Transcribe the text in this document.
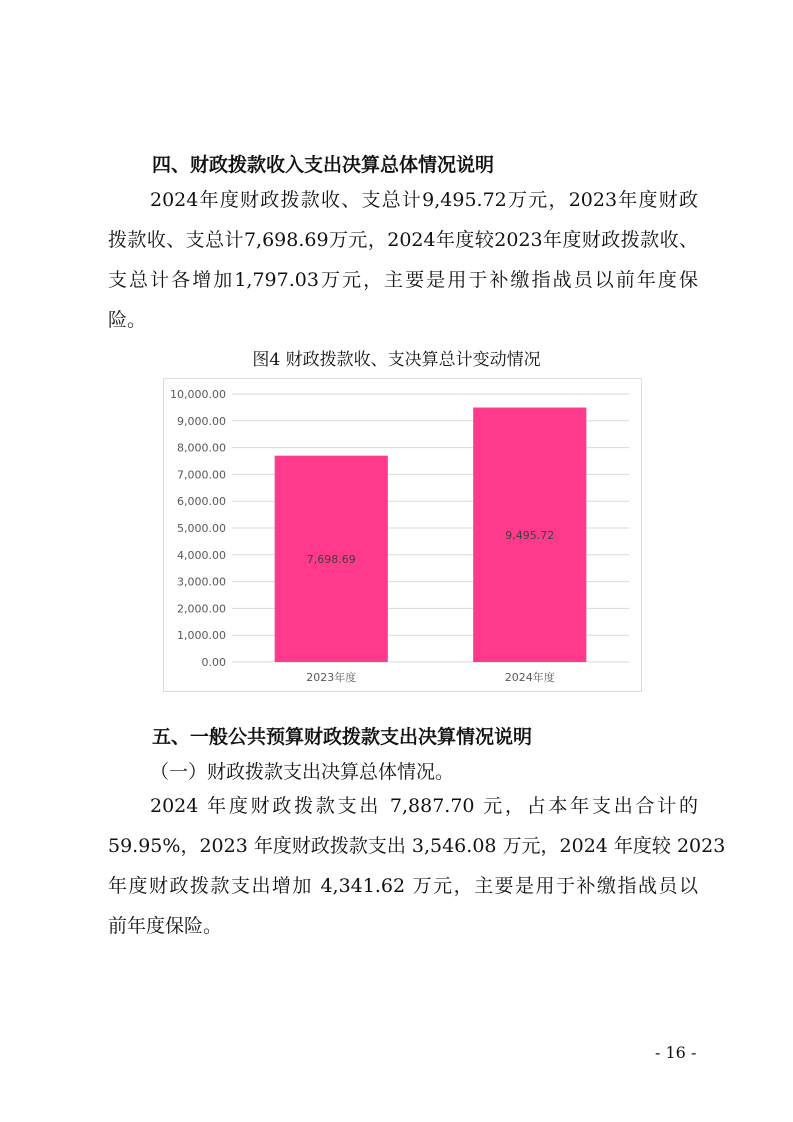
四、财政拨款收入支出决算总体情况说明
2024年度财政拨款收、支总计9,495.72万元，2023年度财政
拨款收、支总计7,698.69万元，2024年度较2023年度财政拨款收、
支总计各增加1,797.03万元，主要是用于补缴指战员以前年度保
险。
图4 财政拨款收、支决算总计变动情况
0.00
1,000.00
2,000.00
3,000.00
4,000.00
5,000.00
6,000.00
7,000.00
8,000.00
9,000.00
10,000.00
7,698.69
2023年度
9,495.72
2024年度
五、一般公共预算财政拨款支出决算情况说明
（一）财政拨款支出决算总体情况。
2024 年度财政拨款支出 7,887.70 元，占本年支出合计的
59.95%，2023 年度财政拨款支出 3,546.08 万元，2024 年度较 2023
年度财政拨款支出增加 4,341.62 万元，主要是用于补缴指战员以
前年度保险。
- 16 -
